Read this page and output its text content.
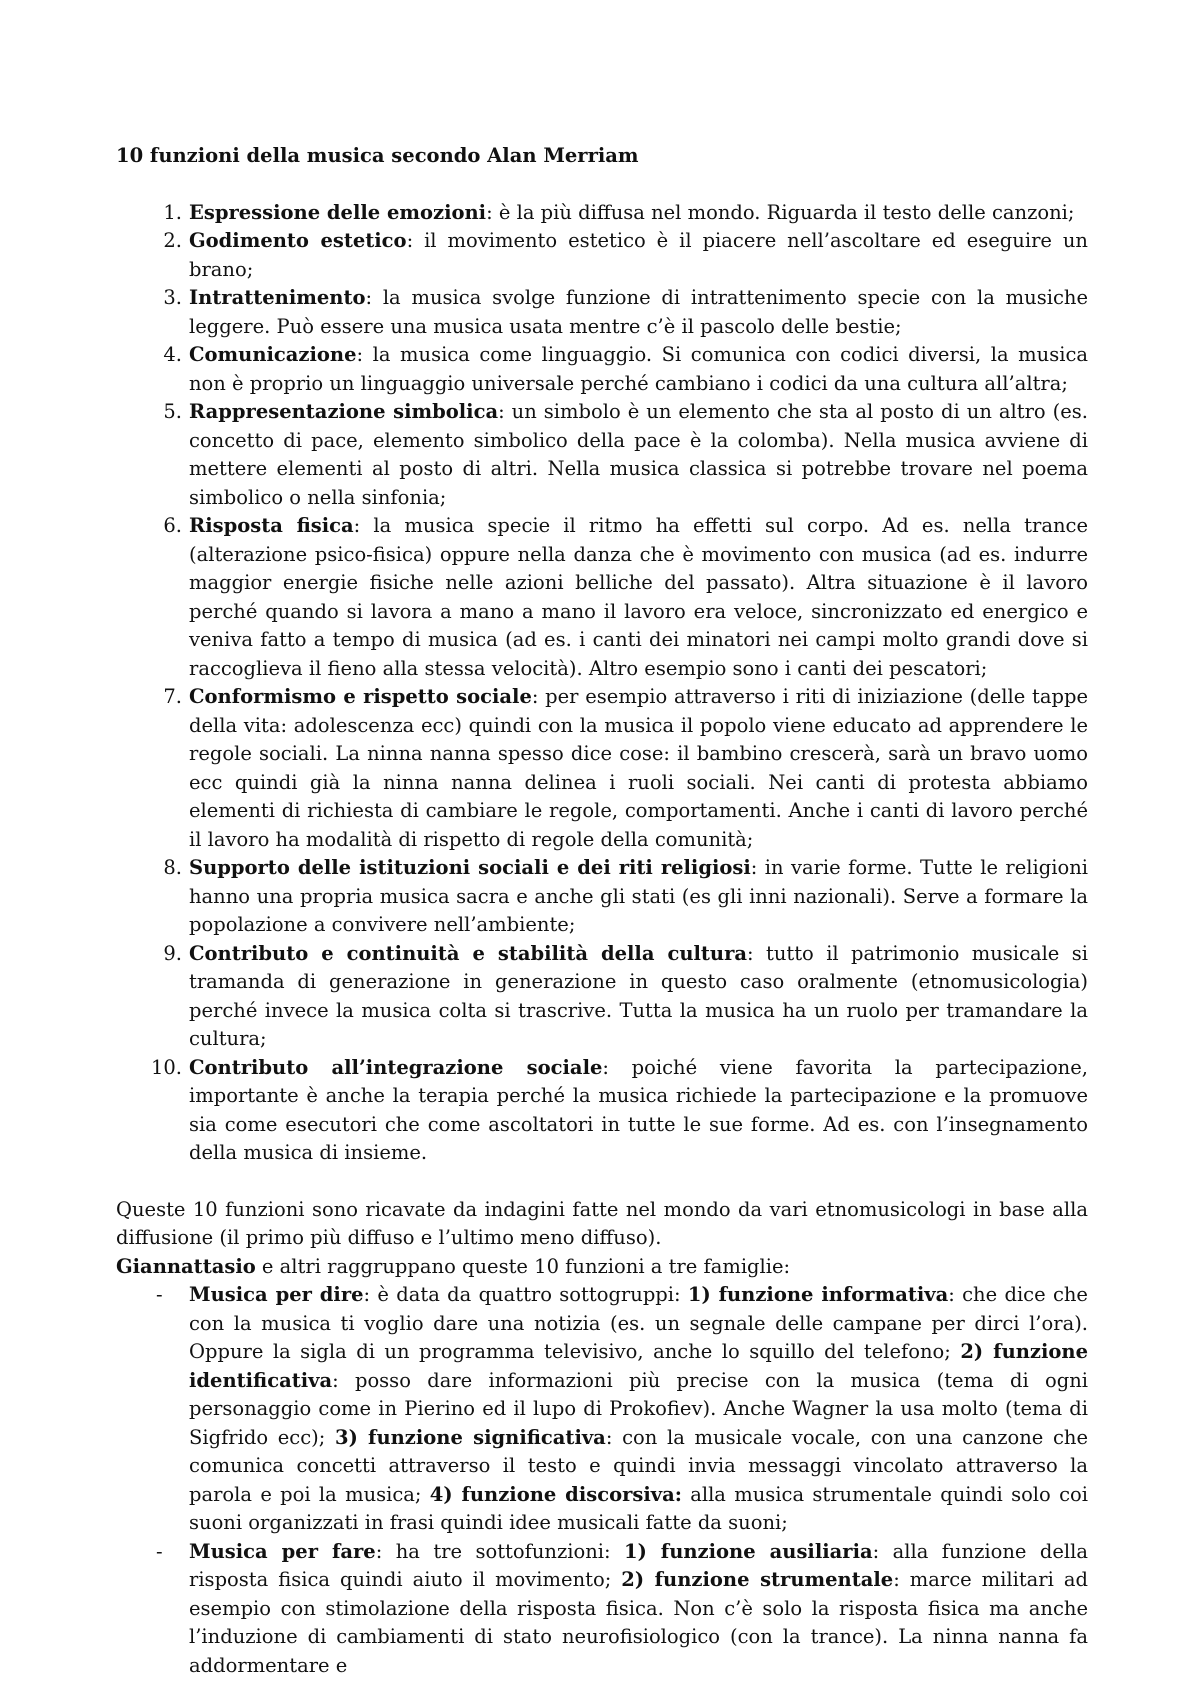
10 funzioni della musica secondo Alan Merriam

1. Espressione delle emozioni: è la più diffusa nel mondo. Riguarda il testo delle canzoni;
2. Godimento estetico: il movimento estetico è il piacere nell’ascoltare ed eseguire un brano;
3. Intrattenimento: la musica svolge funzione di intrattenimento specie con la musiche leggere. Può essere una musica usata mentre c’è il pascolo delle bestie;
4. Comunicazione: la musica come linguaggio. Si comunica con codici diversi, la musica non è proprio un linguaggio universale perché cambiano i codici da una cultura all’altra;
5. Rappresentazione simbolica: un simbolo è un elemento che sta al posto di un altro (es. concetto di pace, elemento simbolico della pace è la colomba). Nella musica avviene di mettere elementi al posto di altri. Nella musica classica si potrebbe trovare nel poema simbolico o nella sinfonia;
6. Risposta fisica: la musica specie il ritmo ha effetti sul corpo. Ad es. nella trance (alterazione psico-fisica) oppure nella danza che è movimento con musica (ad es. indurre maggior energie fisiche nelle azioni belliche del passato). Altra situazione è il lavoro perché quando si lavora a mano a mano il lavoro era veloce, sincronizzato ed energico e veniva fatto a tempo di musica (ad es. i canti dei minatori nei campi molto grandi dove si raccoglieva il fieno alla stessa velocità). Altro esempio sono i canti dei pescatori;
7. Conformismo e rispetto sociale: per esempio attraverso i riti di iniziazione (delle tappe della vita: adolescenza ecc) quindi con la musica il popolo viene educato ad apprendere le regole sociali. La ninna nanna spesso dice cose: il bambino crescerà, sarà un bravo uomo ecc quindi già la ninna nanna delinea i ruoli sociali. Nei canti di protesta abbiamo elementi di richiesta di cambiare le regole, comportamenti. Anche i canti di lavoro perché il lavoro ha modalità di rispetto di regole della comunità;
8. Supporto delle istituzioni sociali e dei riti religiosi: in varie forme. Tutte le religioni hanno una propria musica sacra e anche gli stati (es gli inni nazionali). Serve a formare la popolazione a convivere nell’ambiente;
9. Contributo e continuità e stabilità della cultura: tutto il patrimonio musicale si tramanda di generazione in generazione in questo caso oralmente (etnomusicologia) perché invece la musica colta si trascrive. Tutta la musica ha un ruolo per tramandare la cultura;
10. Contributo all’integrazione sociale: poiché viene favorita la partecipazione, importante è anche la terapia perché la musica richiede la partecipazione e la promuove sia come esecutori che come ascoltatori in tutte le sue forme. Ad es. con l’insegnamento della musica di insieme.

Queste 10 funzioni sono ricavate da indagini fatte nel mondo da vari etnomusicologi in base alla diffusione (il primo più diffuso e l’ultimo meno diffuso).

Giannattasio e altri raggruppano queste 10 funzioni a tre famiglie:

- Musica per dire: è data da quattro sottogruppi: 1) funzione informativa: che dice che con la musica ti voglio dare una notizia (es. un segnale delle campane per dirci l’ora). Oppure la sigla di un programma televisivo, anche lo squillo del telefono; 2) funzione identificativa: posso dare informazioni più precise con la musica (tema di ogni personaggio come in Pierino ed il lupo di Prokofiev). Anche Wagner la usa molto (tema di Sigfrido ecc); 3) funzione significativa: con la musicale vocale, con una canzone che comunica concetti attraverso il testo e quindi invia messaggi vincolato attraverso la parola e poi la musica; 4) funzione discorsiva: alla musica strumentale quindi solo coi suoni organizzati in frasi quindi idee musicali fatte da suoni;
- Musica per fare: ha tre sottofunzioni: 1) funzione ausiliaria: alla funzione della risposta fisica quindi aiuto il movimento; 2) funzione strumentale: marce militari ad esempio con stimolazione della risposta fisica. Non c’è solo la risposta fisica ma anche l’induzione di cambiamenti di stato neurofisiologico (con la trance). La ninna nanna fa addormentare e
